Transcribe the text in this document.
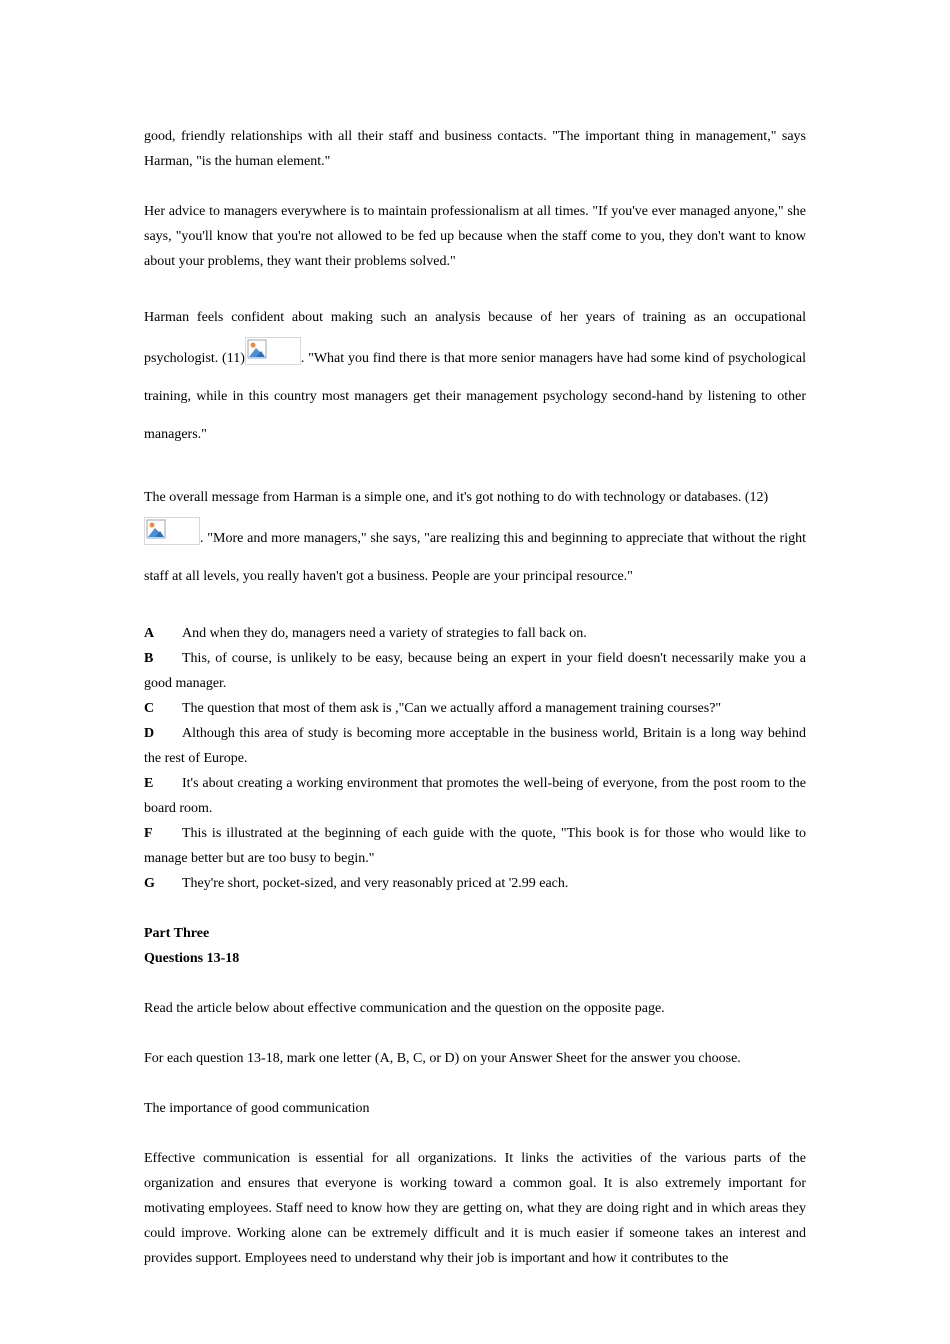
good, friendly relationships with all their staff and business contacts. "The important thing in management," says Harman, "is the human element."

Her advice to managers everywhere is to maintain professionalism at all times. "If you've ever managed anyone," she says, "you'll know that you're not allowed to be fed up because when the staff come to you, they don't want to know about your problems, they want their problems solved."

Harman feels confident about making such an analysis because of her years of training as an occupational psychologist. (11)	. "What you find there is that more senior managers have had some kind of psychological training, while in this country most managers get their management psychology second-hand by listening to other managers."

The overall message from Harman is a simple one, and it's got nothing to do with technology or databases. (12)

. "More and more managers," she says, "are realizing this and beginning to appreciate that without the right staff at all levels, you really haven't got a business. People are your principal resource."

A And when they do, managers need a variety of strategies to fall back on.

B This, of course, is unlikely to be easy, because being an expert in your field doesn't necessarily make you a good manager.

C The question that most of them ask is ,"Can we actually afford a management training courses?"

D Although this area of study is becoming more acceptable in the business world, Britain is a long way behind the rest of Europe.

E It's about creating a working environment that promotes the well-being of everyone, from the post room to the board room.

F This is illustrated at the beginning of each guide with the quote, "This book is for those who would like to manage better but are too busy to begin."

G They're short, pocket-sized, and very reasonably priced at '2.99 each.

Part Three

Questions 13-18

Read the article below about effective communication and the question on the opposite page.

For each question 13-18, mark one letter (A, B, C, or D) on your Answer Sheet for the answer you choose.

The importance of good communication

Effective communication is essential for all organizations. It links the activities of the various parts of the organization and ensures that everyone is working toward a common goal. It is also extremely important for motivating employees. Staff need to know how they are getting on, what they are doing right and in which areas they could improve. Working alone can be extremely difficult and it is much easier if someone takes an interest and provides support. Employees need to understand why their job is important and how it contributes to the
